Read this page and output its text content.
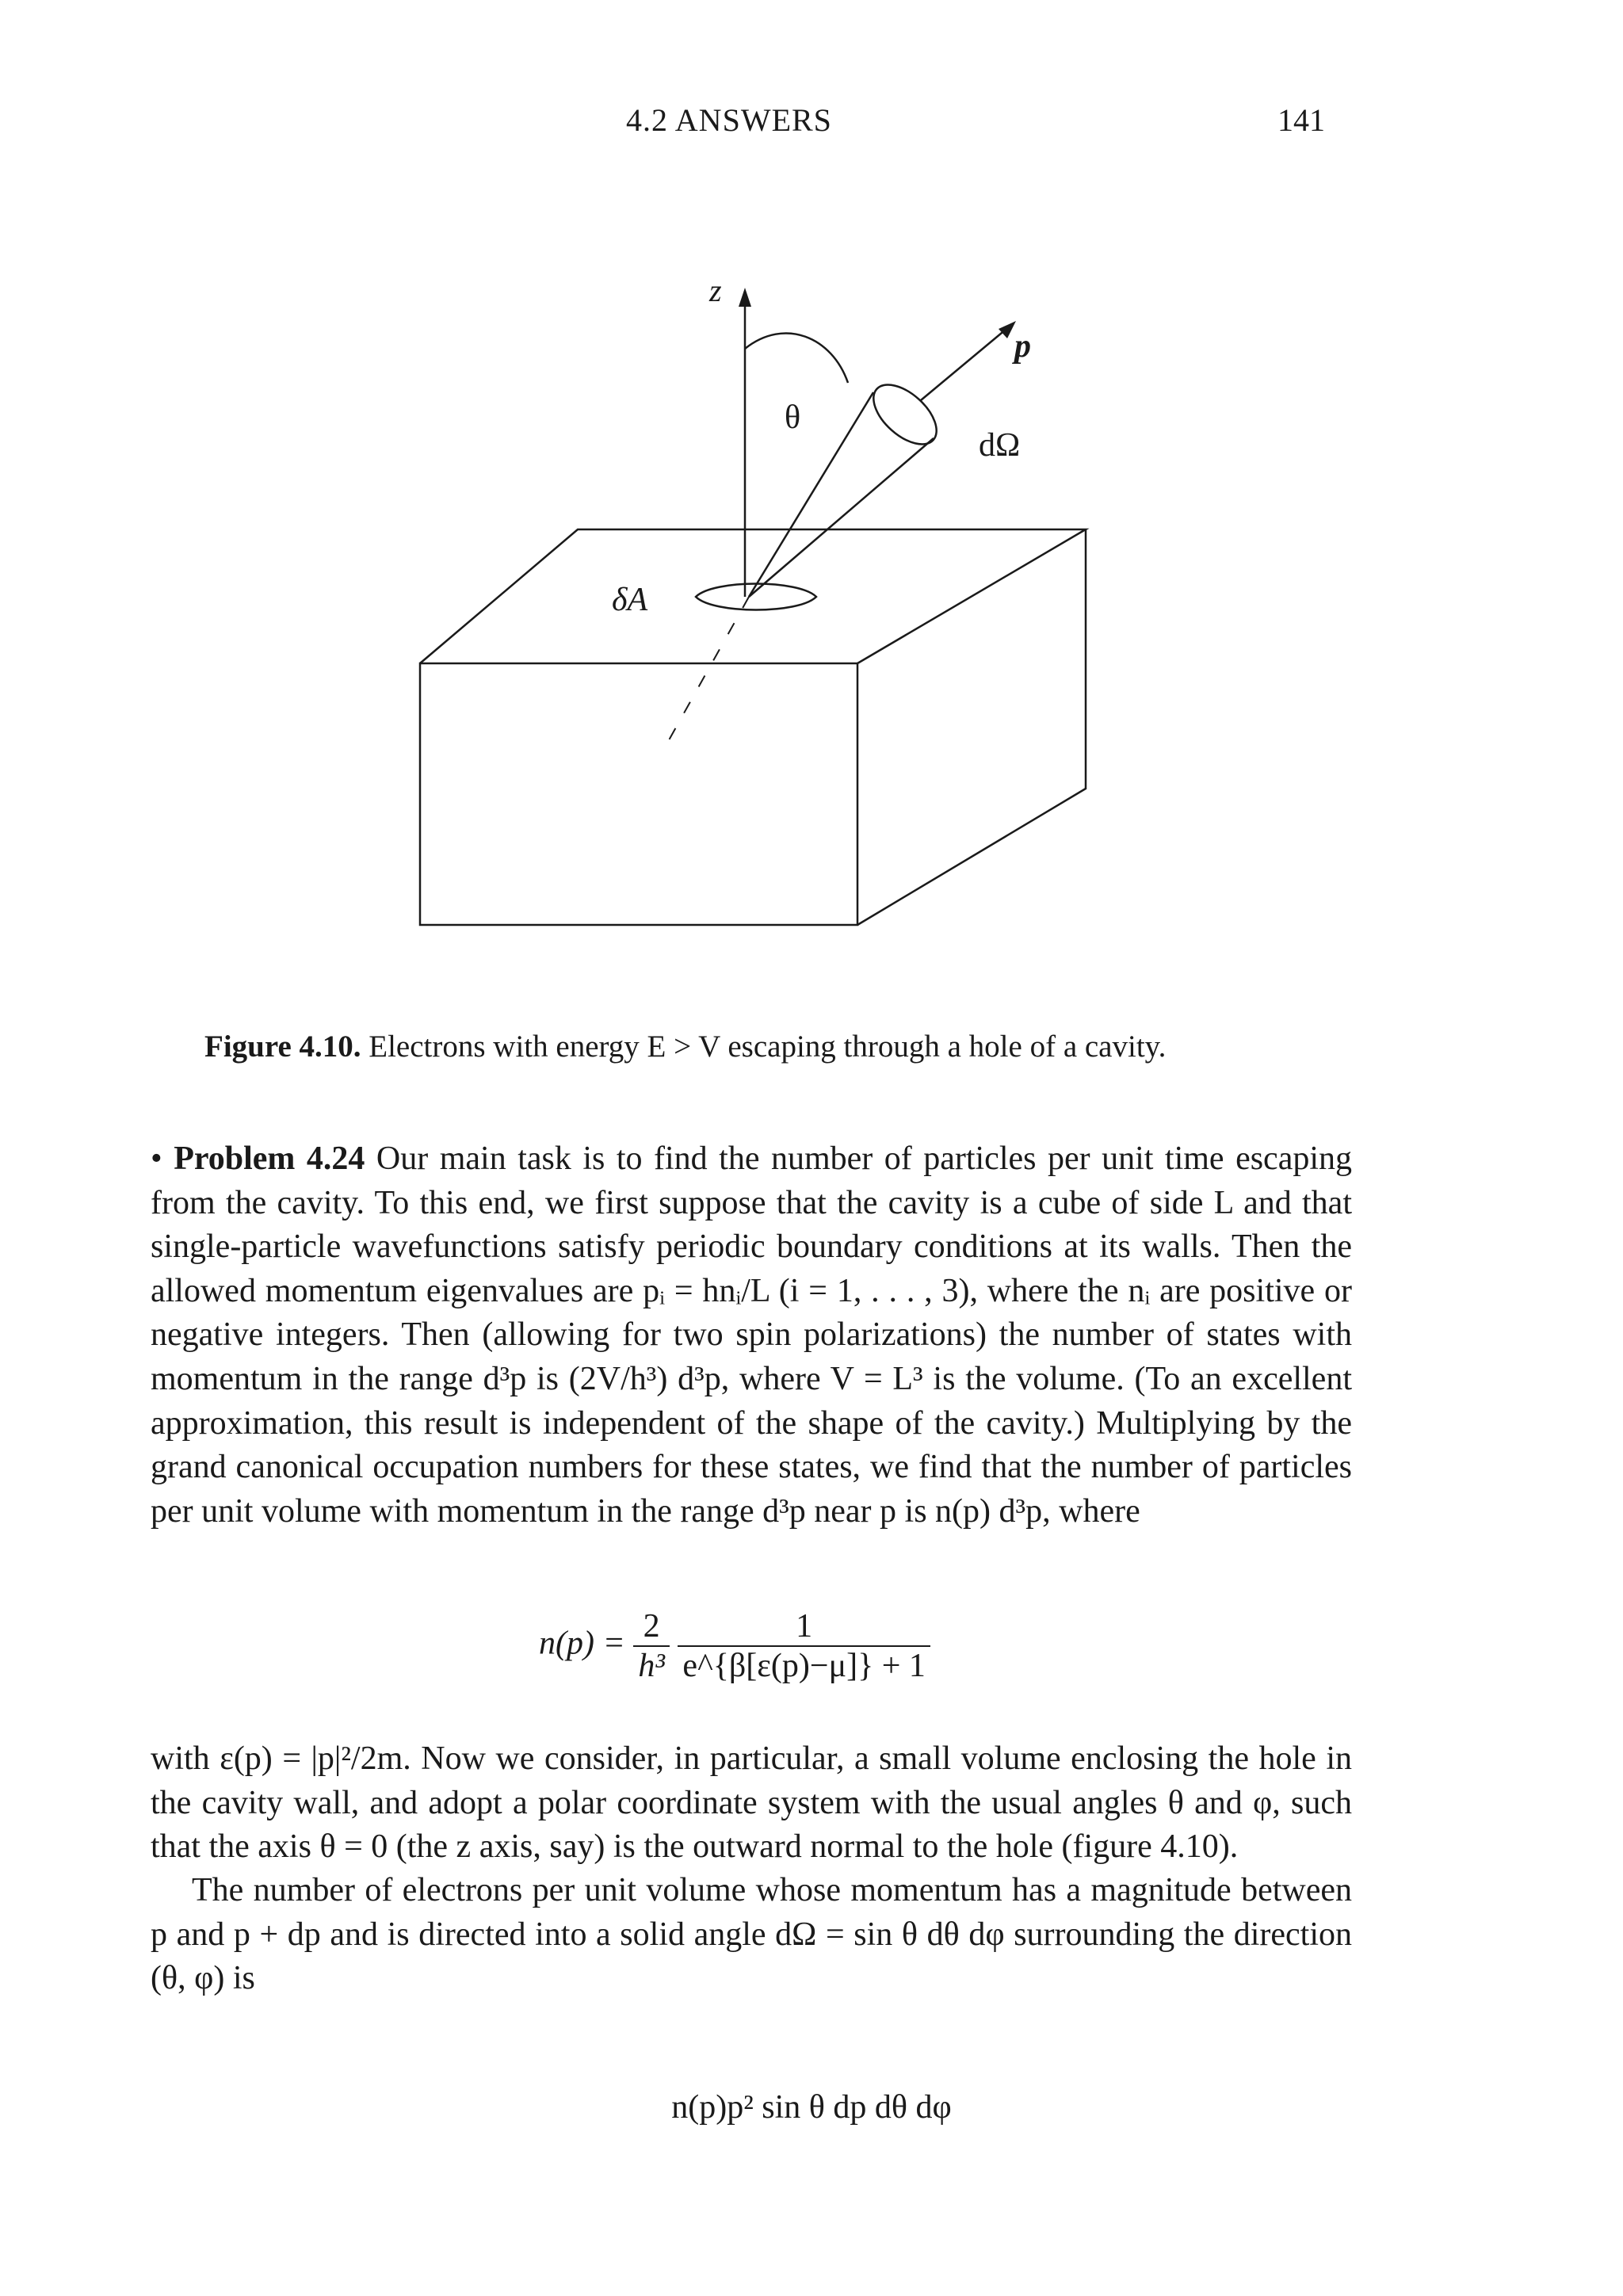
4.2 ANSWERS	141
z
θ
p
dΩ
δA
Figure 4.10. Electrons with energy E > V escaping through a hole of a cavity.

• Problem 4.24 Our main task is to find the number of particles per unit time escaping from the cavity. To this end, we first suppose that the cavity is a cube of side L and that single-particle wavefunctions satisfy periodic boundary conditions at its walls. Then the allowed momentum eigenvalues are pᵢ = hnᵢ/L (i = 1, . . . , 3), where the nᵢ are positive or negative integers. Then (allowing for two spin polarizations) the number of states with momentum in the range d³p is (2V/h³) d³p, where V = L³ is the volume. (To an excellent approximation, this result is independent of the shape of the cavity.) Multiplying by the grand canonical occupation numbers for these states, we find that the number of particles per unit volume with momentum in the range d³p near p is n(p) d³p, where

$n(p) = \frac{2}{\text{h³}}$
$\frac{1}{e\^{}\{\beta[\varepsilon(p)-\mu]\} + 1}$

with ε(p) = |p|²/2m. Now we consider, in particular, a small volume enclosing the hole in the cavity wall, and adopt a polar coordinate system with the usual angles θ and φ, such that the axis θ = 0 (the z axis, say) is the outward normal to the hole (figure 4.10).

The number of electrons per unit volume whose momentum has a magnitude between p and p + dp and is directed into a solid angle dΩ = sin θ dθ dφ surrounding the direction (θ, φ) is

n(p)p² sin θ dp dθ dφ
